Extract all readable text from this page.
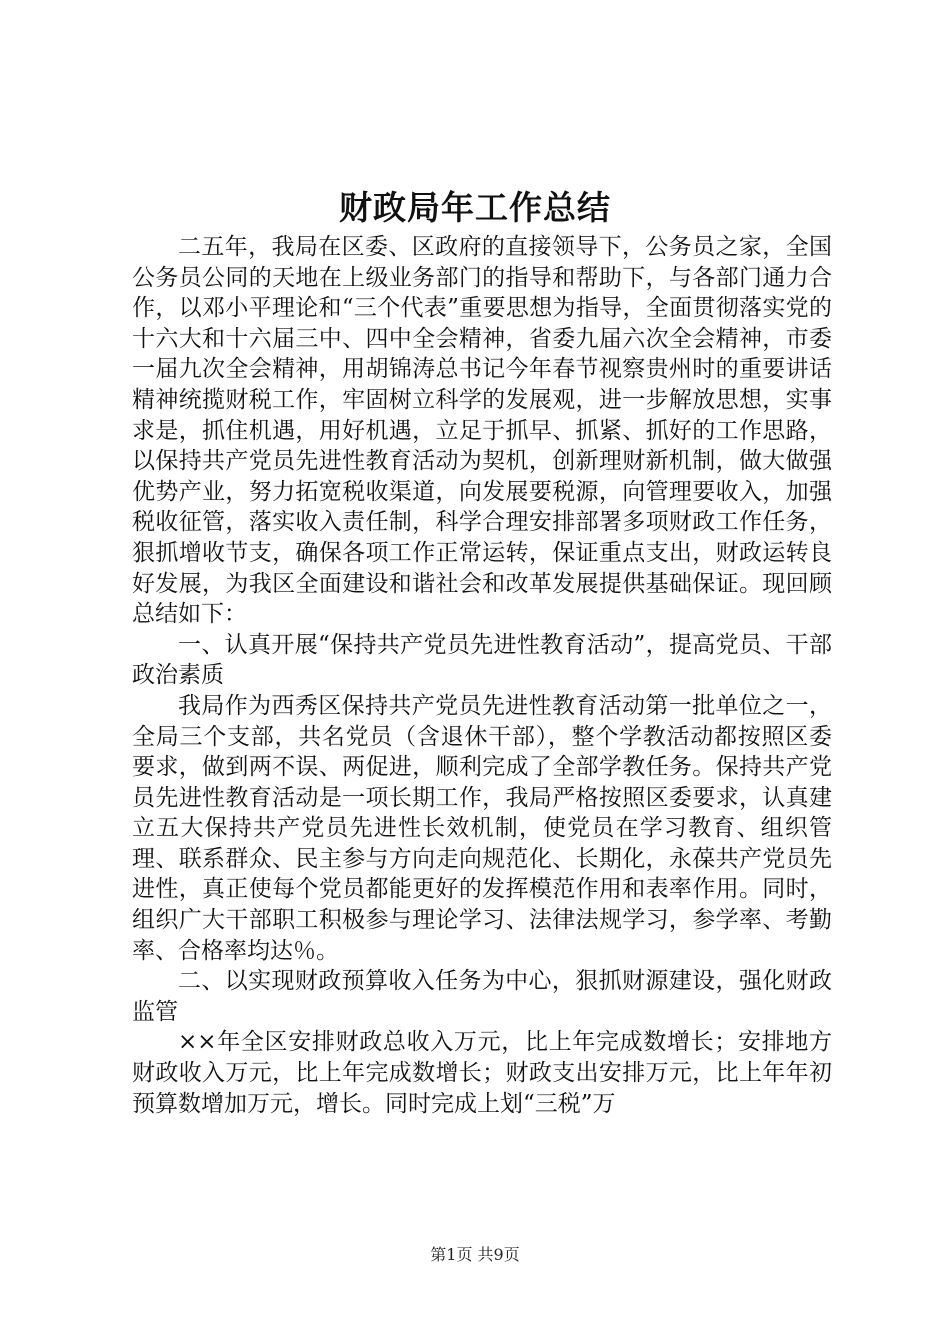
财政局年工作总结

二五年，我局在区委、区政府的直接领导下，公务员之家，全国公务员公同的天地在上级业务部门的指导和帮助下，与各部门通力合作，以邓小平理论和“三个代表”重要思想为指导，全面贯彻落实党的十六大和十六届三中、四中全会精神，省委九届六次全会精神，市委一届九次全会精神，用胡锦涛总书记今年春节视察贵州时的重要讲话精神统揽财税工作，牢固树立科学的发展观，进一步解放思想，实事求是，抓住机遇，用好机遇，立足于抓早、抓紧、抓好的工作思路，以保持共产党员先进性教育活动为契机，创新理财新机制，做大做强优势产业，努力拓宽税收渠道，向发展要税源，向管理要收入，加强税收征管，落实收入责任制，科学合理安排部署多项财政工作任务，狠抓增收节支，确保各项工作正常运转，保证重点支出，财政运转良好发展，为我区全面建设和谐社会和改革发展提供基础保证。现回顾总结如下：

一、认真开展“保持共产党员先进性教育活动”，提高党员、干部政治素质

我局作为西秀区保持共产党员先进性教育活动第一批单位之一，全局三个支部，共名党员（含退休干部），整个学教活动都按照区委要求，做到两不误、两促进，顺利完成了全部学教任务。保持共产党员先进性教育活动是一项长期工作，我局严格按照区委要求，认真建立五大保持共产党员先进性长效机制，使党员在学习教育、组织管理、联系群众、民主参与方向走向规范化、长期化，永葆共产党员先进性，真正使每个党员都能更好的发挥模范作用和表率作用。同时，组织广大干部职工积极参与理论学习、法律法规学习，参学率、考勤率、合格率均达％。

二、以实现财政预算收入任务为中心，狠抓财源建设，强化财政监管

××年全区安排财政总收入万元，比上年完成数增长；安排地方财政收入万元，比上年完成数增长；财政支出安排万元，比上年年初预算数增加万元，增长。同时完成上划“三税”万

第1页 共9页
